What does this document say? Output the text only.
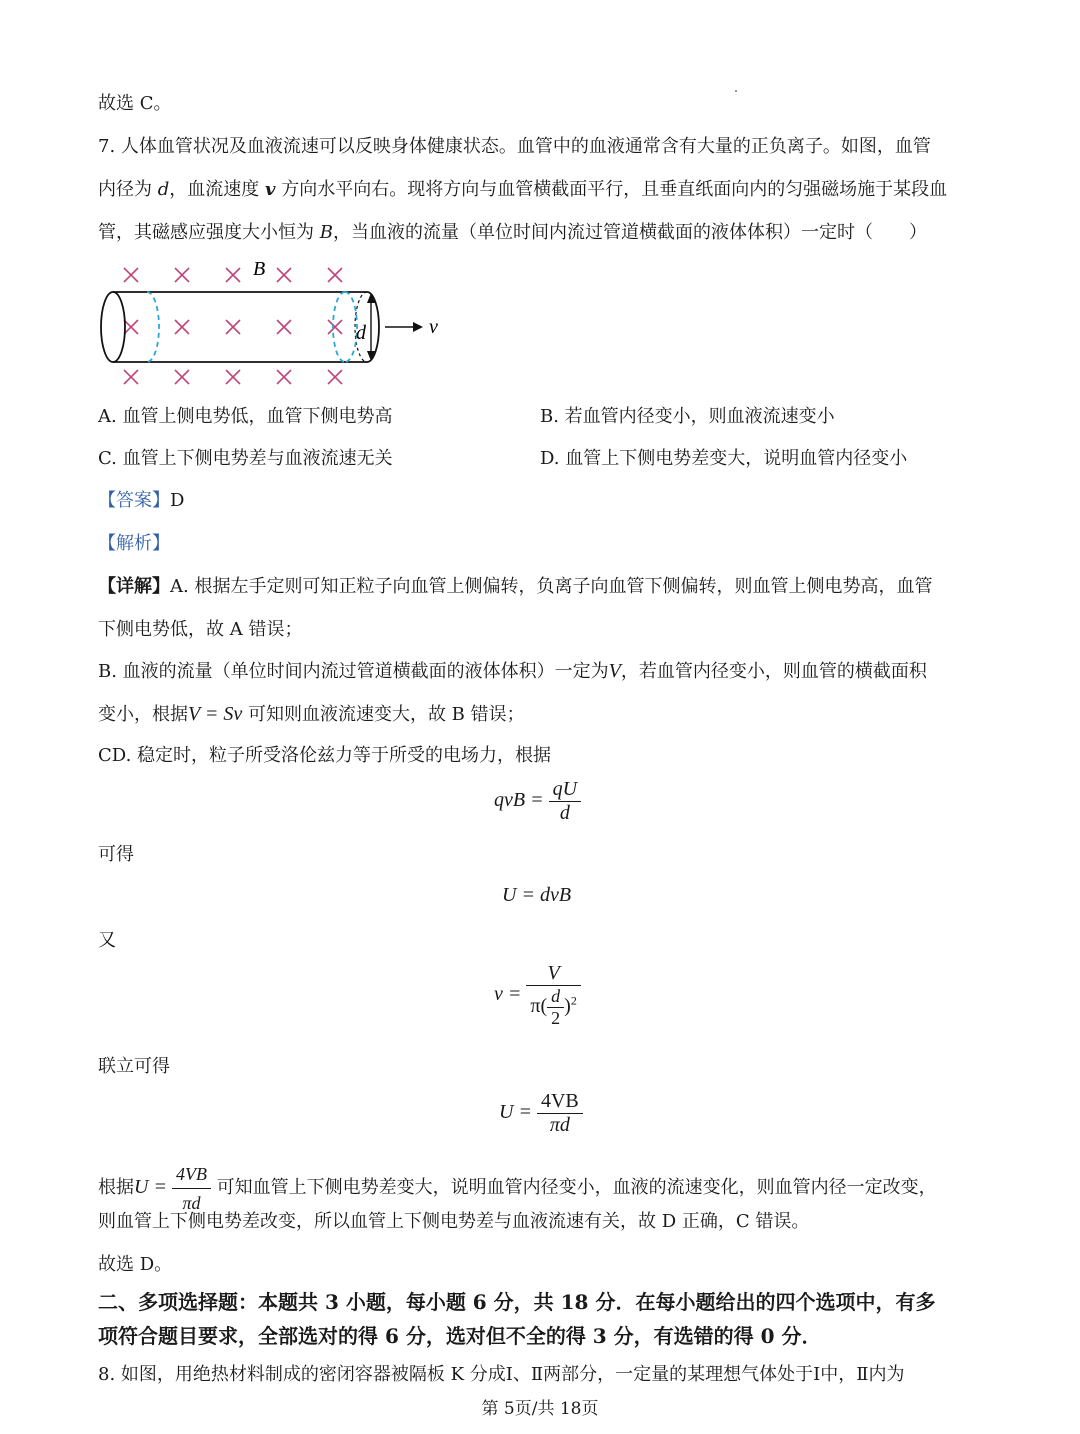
故选 C。
7. 人体血管状况及血液流速可以反映身体健康状态。血管中的血液通常含有大量的正负离子。如图，血管
内径为 d，血流速度 v 方向水平向右。现将方向与血管横截面平行，且垂直纸面向内的匀强磁场施于某段血
管，其磁感应强度大小恒为 B，当血液的流量（单位时间内流过管道横截面的液体体积）一定时（　　）
B
d	v
A. 血管上侧电势低，血管下侧电势高	B. 若血管内径变小，则血液流速变小
C. 血管上下侧电势差与血液流速无关	D. 血管上下侧电势差变大，说明血管内径变小
【答案】D
【解析】
【详解】A. 根据左手定则可知正粒子向血管上侧偏转，负离子向血管下侧偏转，则血管上侧电势高，血管
下侧电势低，故 A 错误；
B. 血液的流量（单位时间内流过管道横截面的液体体积）一定为V，若血管内径变小，则血管的横截面积
变小，根据V = Sv 可知则血液流速变大，故 B 错误；
CD. 稳定时，粒子所受洛伦兹力等于所受的电场力，根据
qvB = $\frac{qU}{d}$
可得
U = dvB
又
$v = \frac{V}{\pi( \frac{d}{2} )^2}$
联立可得
$U = \frac{4VB}{\pi d}$
根据$U = \frac{4VB}{\pi d}$ 可知血管上下侧电势差变大，说明血管内径变小，血液的流速变化，则血管内径一定改变，
则血管上下侧电势差改变，所以血管上下侧电势差与血液流速有关，故 D 正确，C 错误。
故选 D。
二、多项选择题：本题共 3 小题，每小题 6 分，共 18 分．在每小题给出的四个选项中，有多
项符合题目要求，全部选对的得 6 分，选对但不全的得 3 分，有选错的得 0 分．
8. 如图，用绝热材料制成的密闭容器被隔板 K 分成Ⅰ、Ⅱ两部分，一定量的某理想气体处于Ⅰ中，Ⅱ内为
第 5页/共 18页
